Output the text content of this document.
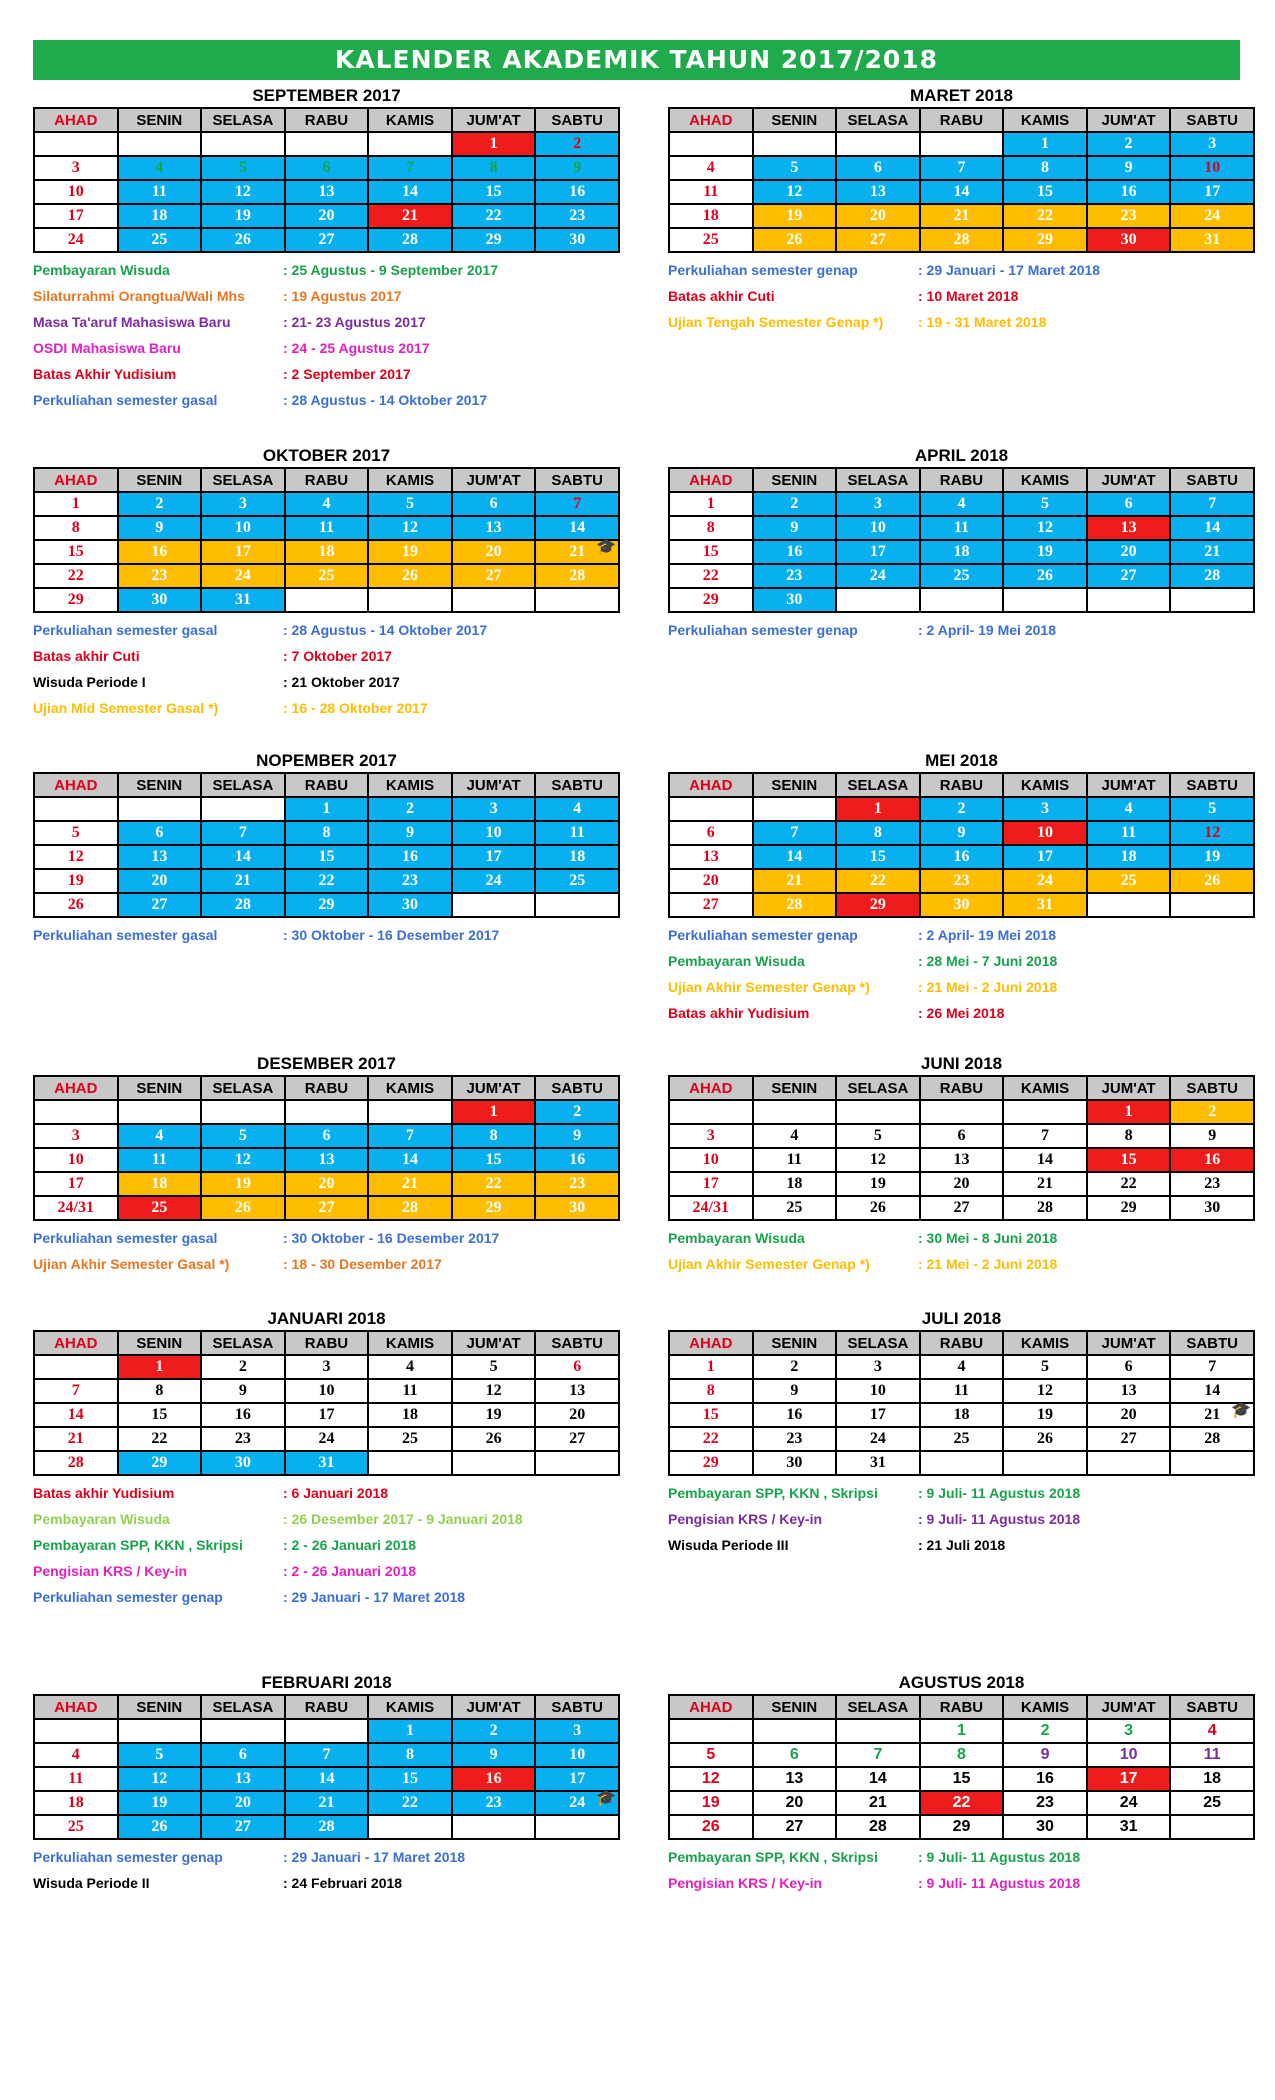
KALENDER AKADEMIK TAHUN 2017/2018
SEPTEMBER 2017
AHAD	SENIN	SELASA	RABU	KAMIS	JUM'AT	SABTU
					1	2
3	4	5	6	7	8	9
10	11	12	13	14	15	16
17	18	19	20	21	22	23
24	25	26	27	28	29	30
Pembayaran Wisuda	: 25 Agustus - 9 September 2017
Silaturrahmi Orangtua/Wali Mhs	: 19 Agustus 2017
Masa Ta'aruf Mahasiswa Baru	: 21- 23 Agustus 2017
OSDI Mahasiswa Baru	: 24 - 25 Agustus 2017
Batas Akhir Yudisium	: 2 September 2017
Perkuliahan semester gasal	: 28 Agustus - 14 Oktober 2017
MARET 2018
AHAD	SENIN	SELASA	RABU	KAMIS	JUM'AT	SABTU
				1	2	3
4	5	6	7	8	9	10
11	12	13	14	15	16	17
18	19	20	21	22	23	24
25	26	27	28	29	30	31
Perkuliahan semester genap	: 29 Januari - 17 Maret 2018
Batas akhir Cuti	: 10 Maret 2018
Ujian Tengah Semester Genap *)	: 19 - 31 Maret 2018
OKTOBER 2017
AHAD	SENIN	SELASA	RABU	KAMIS	JUM'AT	SABTU
1	2	3	4	5	6	7
8	9	10	11	12	13	14
15	16	17	18	19	20	21 🎓

22	23	24	25	26	27	28
29	30	31				
Perkuliahan semester gasal	: 28 Agustus - 14 Oktober 2017
Batas akhir Cuti	: 7 Oktober 2017
Wisuda Periode I	: 21 Oktober 2017
Ujian Mid Semester Gasal *)	: 16 - 28 Oktober 2017
APRIL 2018
AHAD	SENIN	SELASA	RABU	KAMIS	JUM'AT	SABTU
1	2	3	4	5	6	7
8	9	10	11	12	13	14
15	16	17	18	19	20	21
22	23	24	25	26	27	28
29	30					
Perkuliahan semester genap	: 2 April- 19 Mei 2018
NOPEMBER 2017
AHAD	SENIN	SELASA	RABU	KAMIS	JUM'AT	SABTU
			1	2	3	4
5	6	7	8	9	10	11
12	13	14	15	16	17	18
19	20	21	22	23	24	25
26	27	28	29	30		
Perkuliahan semester gasal	: 30 Oktober - 16 Desember 2017
MEI 2018
AHAD	SENIN	SELASA	RABU	KAMIS	JUM'AT	SABTU
		1	2	3	4	5
6	7	8	9	10	11	12
13	14	15	16	17	18	19
20	21	22	23	24	25	26
27	28	29	30	31		
Perkuliahan semester genap	: 2 April- 19 Mei 2018
Pembayaran Wisuda	: 28 Mei - 7 Juni 2018
Ujian Akhir Semester Genap *)	: 21 Mei - 2 Juni 2018
Batas akhir Yudisium	: 26 Mei 2018
DESEMBER 2017
AHAD	SENIN	SELASA	RABU	KAMIS	JUM'AT	SABTU
					1	2
3	4	5	6	7	8	9
10	11	12	13	14	15	16
17	18	19	20	21	22	23
24/31	25	26	27	28	29	30
Perkuliahan semester gasal	: 30 Oktober - 16 Desember 2017
Ujian Akhir Semester Gasal *)	: 18 - 30 Desember 2017
JUNI 2018
AHAD	SENIN	SELASA	RABU	KAMIS	JUM'AT	SABTU
					1	2
3	4	5	6	7	8	9
10	11	12	13	14	15	16
17	18	19	20	21	22	23
24/31	25	26	27	28	29	30
Pembayaran Wisuda	: 30 Mei - 8 Juni 2018
Ujian Akhir Semester Genap *)	: 21 Mei - 2 Juni 2018
JANUARI 2018
AHAD	SENIN	SELASA	RABU	KAMIS	JUM'AT	SABTU
	1	2	3	4	5	6
7	8	9	10	11	12	13
14	15	16	17	18	19	20
21	22	23	24	25	26	27
28	29	30	31			
Batas akhir Yudisium	: 6 Januari 2018
Pembayaran Wisuda	: 26 Desember 2017 - 9 Januari 2018
Pembayaran SPP, KKN , Skripsi	: 2 - 26 Januari 2018
Pengisian KRS / Key-in	: 2 - 26 Januari 2018
Perkuliahan semester genap	: 29 Januari - 17 Maret 2018
JULI 2018
AHAD	SENIN	SELASA	RABU	KAMIS	JUM'AT	SABTU
1	2	3	4	5	6	7
8	9	10	11	12	13	14
15	16	17	18	19	20	21 🎓

22	23	24	25	26	27	28
29	30	31				
Pembayaran SPP, KKN , Skripsi	: 9 Juli- 11 Agustus 2018
Pengisian KRS / Key-in	: 9 Juli- 11 Agustus 2018
Wisuda Periode III	: 21 Juli 2018
FEBRUARI 2018
AHAD	SENIN	SELASA	RABU	KAMIS	JUM'AT	SABTU
				1	2	3
4	5	6	7	8	9	10
11	12	13	14	15	16	17
18	19	20	21	22	23	24 🎓

25	26	27	28			
Perkuliahan semester genap	: 29 Januari - 17 Maret 2018
Wisuda Periode II	: 24 Februari 2018
AGUSTUS 2018
AHAD	SENIN	SELASA	RABU	KAMIS	JUM'AT	SABTU
			1	2	3	4
5	6	7	8	9	10	11
12	13	14	15	16	17	18
19	20	21	22	23	24	25
26	27	28	29	30	31	
Pembayaran SPP, KKN , Skripsi	: 9 Juli- 11 Agustus 2018
Pengisian KRS / Key-in	: 9 Juli- 11 Agustus 2018
